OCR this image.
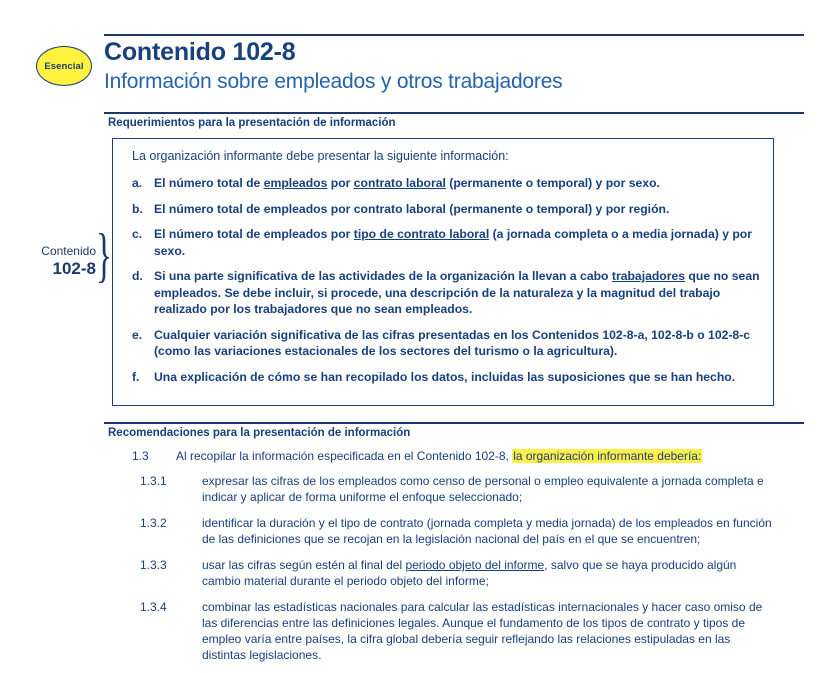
Esencial Contenido 102-8
Información sobre empleados y otros trabajadores
Contenido
102-8 }
Requerimientos para la presentación de información
La organización informante debe presentar la siguiente información:
a. El número total de empleados por contrato laboral (permanente o temporal) y por sexo.
b. El número total de empleados por contrato laboral (permanente o temporal) y por región.
c. El número total de empleados por tipo de contrato laboral (a jornada completa o a media jornada) y por sexo.
d. Si una parte significativa de las actividades de la organización la llevan a cabo trabajadores que no sean empleados. Se debe incluir, si procede, una descripción de la naturaleza y la magnitud del trabajo realizado por los trabajadores que no sean empleados.
e. Cualquier variación significativa de las cifras presentadas en los Contenidos 102-8-a, 102-8-b o 102-8-c (como las variaciones estacionales de los sectores del turismo o la agricultura).
f.	Una explicación de cómo se han recopilado los datos, incluidas las suposiciones que se han hecho.
Recomendaciones para la presentación de información
1.3	Al recopilar la información especificada en el Contenido 102-8, la organización informante debería:
1.3.1	expresar las cifras de los empleados como censo de personal o empleo equivalente a jornada completa e indicar y aplicar de forma uniforme el enfoque seleccionado;
1.3.2	identificar la duración y el tipo de contrato (jornada completa y media jornada) de los empleados en función de las definiciones que se recojan en la legislación nacional del país en el que se encuentren;
1.3.3	usar las cifras según estén al final del periodo objeto del informe, salvo que se haya producido algún cambio material durante el periodo objeto del informe;
1.3.4	combinar las estadísticas nacionales para calcular las estadísticas internacionales y hacer caso omiso de las diferencias entre las definiciones legales. Aunque el fundamento de los tipos de contrato y tipos de empleo varía entre países, la cifra global debería seguir reflejando las relaciones estipuladas en las distintas legislaciones.
